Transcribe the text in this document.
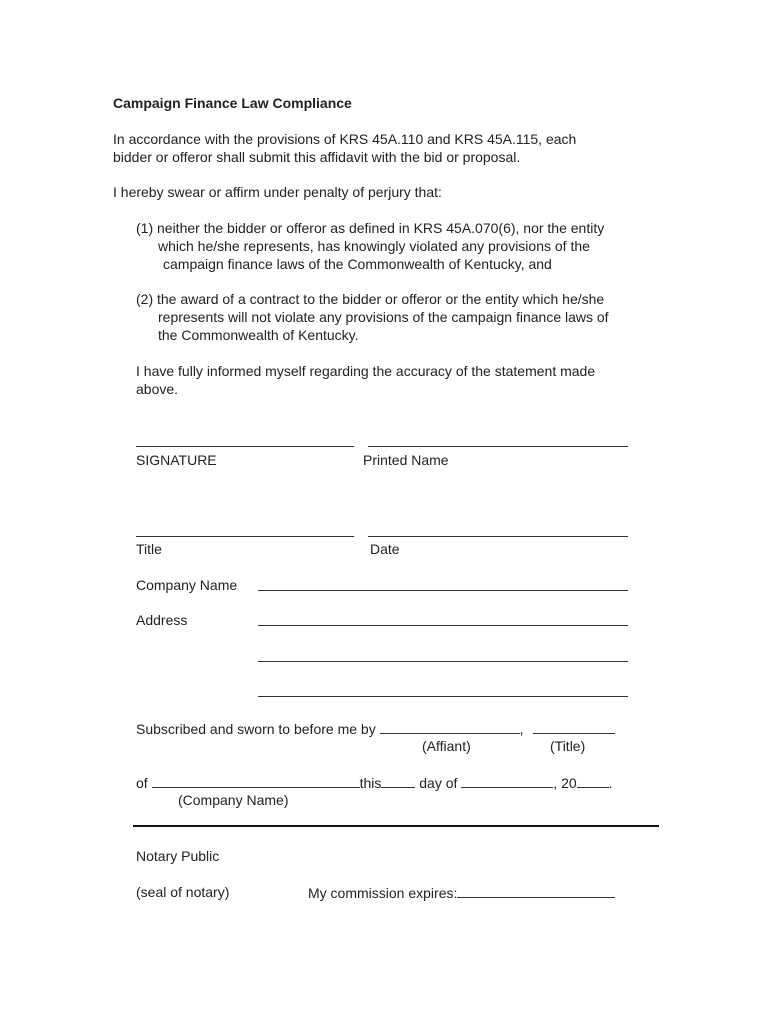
Campaign Finance Law Compliance
In accordance with the provisions of KRS 45A.110 and KRS 45A.115, each
bidder or offeror shall submit this affidavit with the bid or proposal.
I hereby swear or affirm under penalty of perjury that:
(1) neither the bidder or offeror as defined in KRS 45A.070(6), nor the entity
which he/she represents, has knowingly violated any provisions of the
campaign finance laws of the Commonwealth of Kentucky, and
(2) the award of a contract to the bidder or offeror or the entity which he/she
represents will not violate any provisions of the campaign finance laws of
the Commonwealth of Kentucky.
I have fully informed myself regarding the accuracy of the statement made
above.
SIGNATURE	Printed Name
Title	Date
Company Name
Address
Subscribed and sworn to before me by	,
(Affiant)	(Title)
of	this	day of	, 20 .
(Company Name)
Notary Public
(seal of notary)	My commission expires:
